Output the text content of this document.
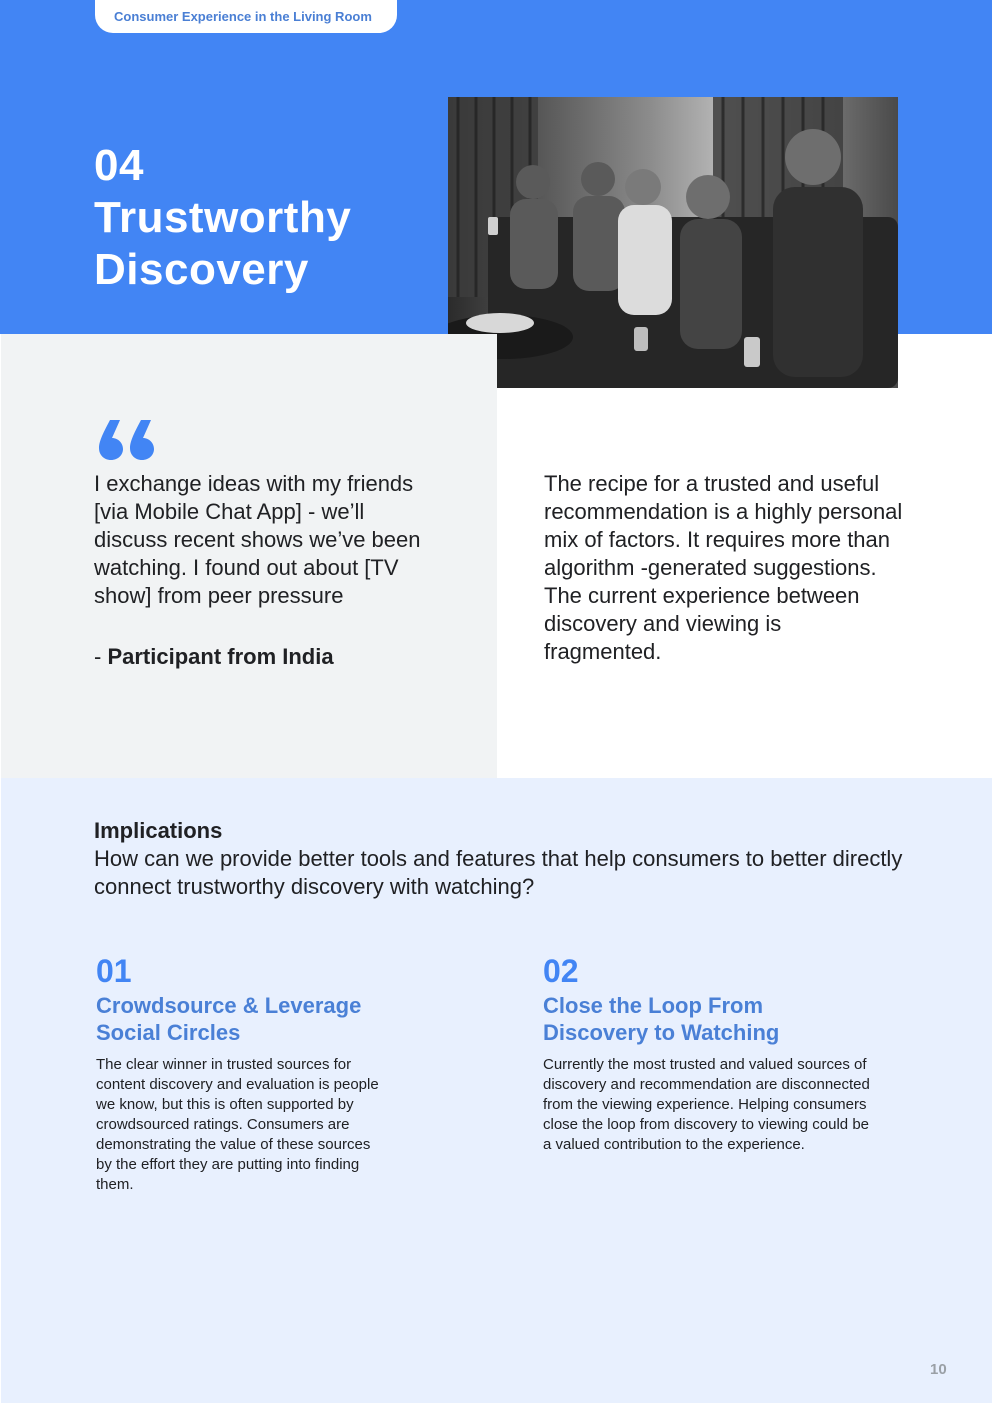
Consumer Experience in the Living Room
04
Trustworthy
Discovery

I exchange ideas with my friends [via Mobile Chat App] - we’ll discuss recent shows we’ve been watching. I found out about [TV show] from peer pressure

- Participant from India

The recipe for a trusted and useful recommendation is a highly personal mix of factors. It requires more than algorithm -generated suggestions. The current experience between discovery and viewing is fragmented.

Implications

How can we provide better tools and features that help consumers to better directly connect trustworthy discovery with watching?

01
Crowdsource & Leverage Social Circles
The clear winner in trusted sources for content discovery and evaluation is people we know, but this is often supported by crowdsourced ratings. Consumers are demonstrating the value of these sources by the effort they are putting into finding them.
02
Close the Loop From Discovery to Watching
Currently the most trusted and valued sources of discovery and recommendation are disconnected from the viewing experience. Helping consumers close the loop from discovery to viewing could be a valued contribution to the experience.
10
